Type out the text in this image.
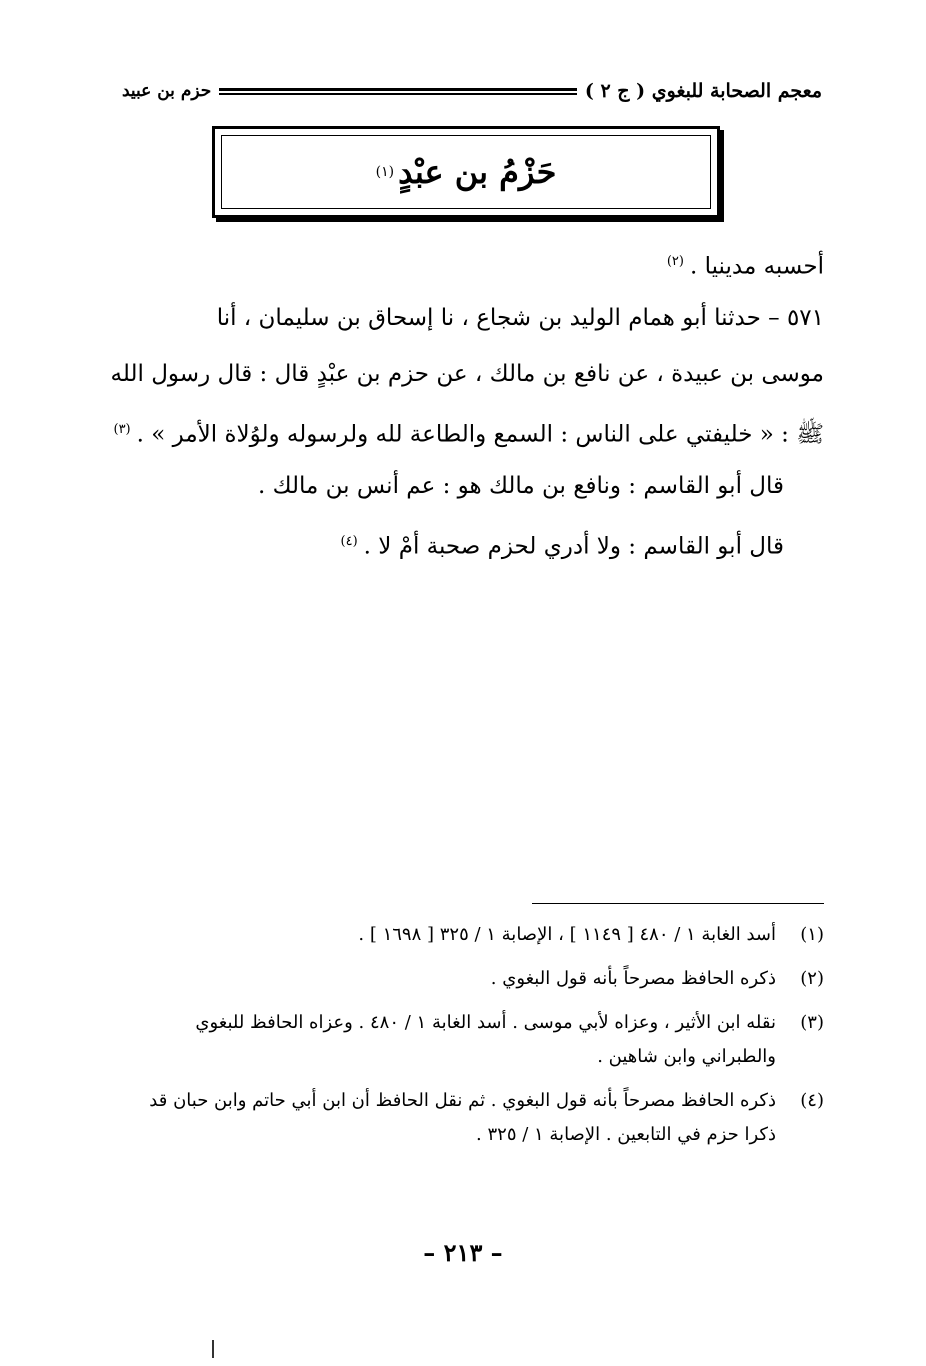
معجم الصحابة للبغوي ( ج ٢ )
حزم بن عبيد
حَزْمُ بن عبْدٍ
(١)

أحسبه مدينيا .$^{(٢)}$

٥٧١ – حدثنا أبو همام الوليد بن شجاع ، نا إسحاق بن سليمان ، أنا

موسى بن عبيدة ، عن نافع بن مالك ، عن حزم بن عبْدٍ قال : قال رسول الله

ﷺ : « خليفتي على الناس : السمع والطاعة لله ولرسوله ولوُلاة الأمر » .$^{(٣)}$

قال أبو القاسم : ونافع بن مالك هو : عم أنس بن مالك .

قال أبو القاسم : ولا أدري لحزم صحبة أمْ لا .$^{(٤)}$

(١)
أسد الغابة ١ / ٤٨٠ [ ١١٤٩ ] ، الإصابة ١ / ٣٢٥ [ ١٦٩٨ ] .
(٢)
ذكره الحافظ مصرحاً بأنه قول البغوي .
(٣)
نقله ابن الأثير ، وعزاه لأبي موسى . أسد الغابة ١ / ٤٨٠ . وعزاه الحافظ للبغوي
والطبراني وابن شاهين .
(٤)
ذكره الحافظ مصرحاً بأنه قول البغوي . ثم نقل الحافظ أن ابن أبي حاتم وابن حبان قد
ذكرا حزم في التابعين . الإصابة ١ / ٣٢٥ .
– ٢١٣ –
